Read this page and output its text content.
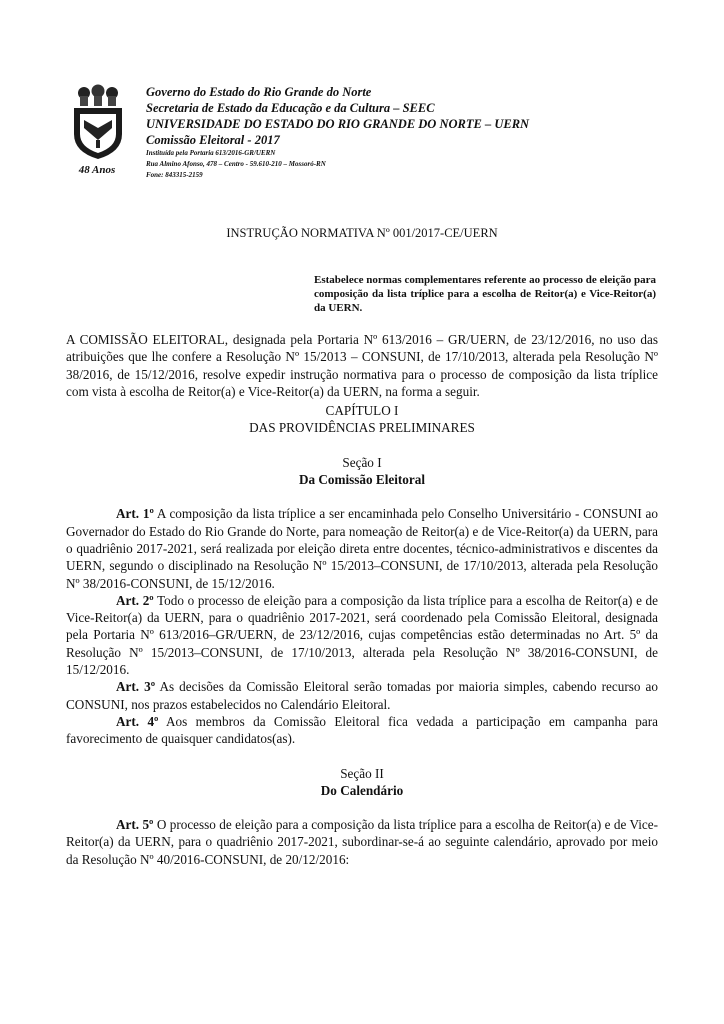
48 Anos

Governo do Estado do Rio Grande do Norte

Secretaria de Estado da Educação e da Cultura – SEEC

UNIVERSIDADE DO ESTADO DO RIO GRANDE DO NORTE – UERN

Comissão Eleitoral - 2017

Instituída pela Portaria 613/2016-GR/UERN

Rua Almino Afonso, 478 – Centro - 59.610-210 – Mossoró-RN

Fone: 843315-2159

INSTRUÇÃO NORMATIVA Nº 001/2017-CE/UERN

Estabelece normas complementares referente ao processo de eleição para composição da lista tríplice para a escolha de Reitor(a) e Vice-Reitor(a) da UERN.

A COMISSÃO ELEITORAL, designada pela Portaria Nº 613/2016 – GR/UERN, de 23/12/2016, no uso das atribuições que lhe confere a Resolução Nº 15/2013 – CONSUNI, de 17/10/2013, alterada pela Resolução Nº 38/2016, de 15/12/2016, resolve expedir instrução normativa para o processo de composição da lista tríplice com vista à escolha de Reitor(a) e Vice-Reitor(a) da UERN, na forma a seguir.

CAPÍTULO I

DAS PROVIDÊNCIAS PRELIMINARES

Seção I

Da Comissão Eleitoral

Art. 1º A composição da lista tríplice a ser encaminhada pelo Conselho Universitário - CONSUNI ao Governador do Estado do Rio Grande do Norte, para nomeação de Reitor(a) e de Vice-Reitor(a) da UERN, para o quadriênio 2017-2021, será realizada por eleição direta entre docentes, técnico-administrativos e discentes da UERN, segundo o disciplinado na Resolução Nº 15/2013–CONSUNI, de 17/10/2013, alterada pela Resolução Nº 38/2016-CONSUNI, de 15/12/2016.

Art. 2º Todo o processo de eleição para a composição da lista tríplice para a escolha de Reitor(a) e de Vice-Reitor(a) da UERN, para o quadriênio 2017-2021, será coordenado pela Comissão Eleitoral, designada pela Portaria Nº 613/2016–GR/UERN, de 23/12/2016, cujas competências estão determinadas no Art. 5º da Resolução Nº 15/2013–CONSUNI, de 17/10/2013, alterada pela Resolução Nº 38/2016-CONSUNI, de 15/12/2016.

Art. 3º As decisões da Comissão Eleitoral serão tomadas por maioria simples, cabendo recurso ao CONSUNI, nos prazos estabelecidos no Calendário Eleitoral.

Art. 4º Aos membros da Comissão Eleitoral fica vedada a participação em campanha para favorecimento de quaisquer candidatos(as).

Seção II

Do Calendário

Art. 5º O processo de eleição para a composição da lista tríplice para a escolha de Reitor(a) e de Vice-Reitor(a) da UERN, para o quadriênio 2017-2021, subordinar-se-á ao seguinte calendário, aprovado por meio da Resolução Nº 40/2016-CONSUNI, de 20/12/2016:
